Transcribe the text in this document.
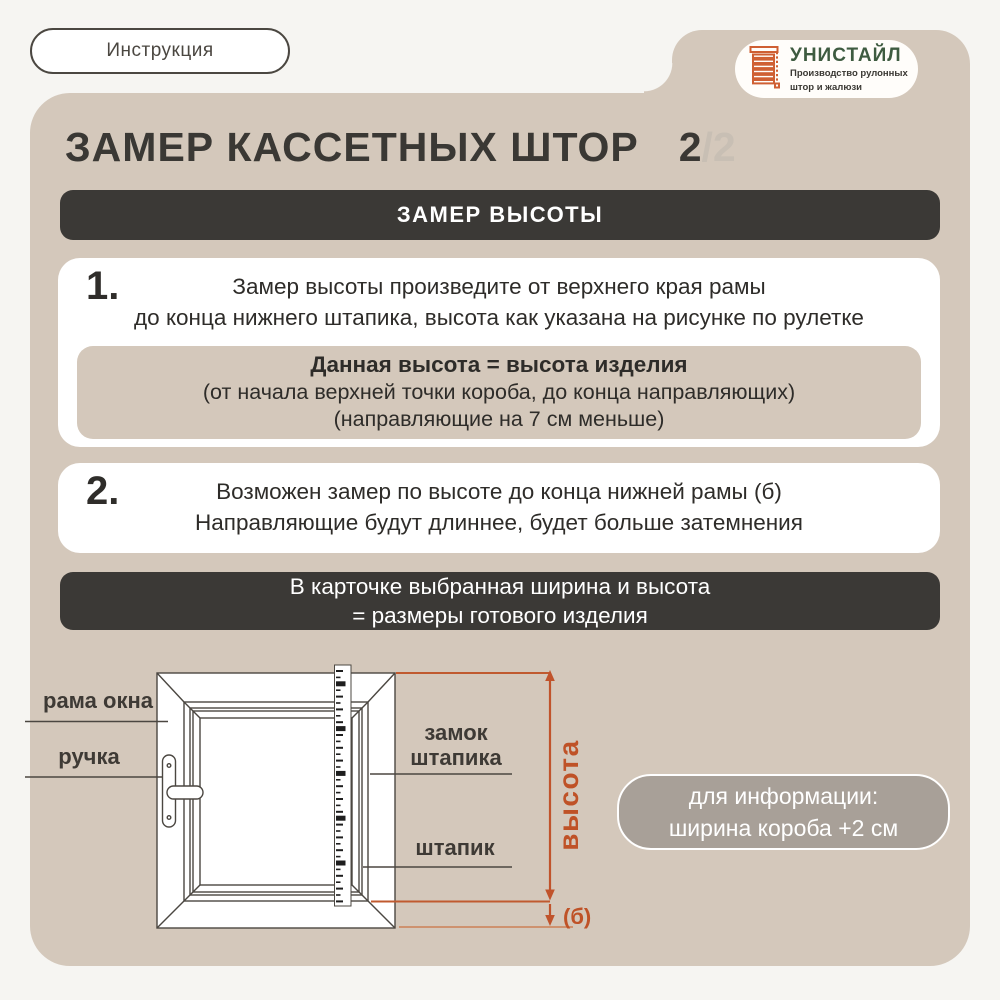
Инструкция	УНИСТАЙЛ
Производство рулонных
штор и жалюзи
ЗАМЕР КАССЕТНЫХ ШТОР 2/2
ЗАМЕР ВЫСОТЫ
1.	Замер высоты произведите от верхнего края рамы
до конца нижнего штапика, высота как указана на рисунке по рулетке
Данная высота = высота изделия
(от начала верхней точки короба, до конца направляющих)
(направляющие на 7 см меньше)
2.	Возможен замер по высоте до конца нижней рамы (б)
Направляющие будут длиннее, будет больше затемнения
В карточке выбранная ширина и высота
= размеры готового изделия
рама окна
ручка
замок
штапика
штапик высота
(б)
для информации:
ширина короба +2 см
